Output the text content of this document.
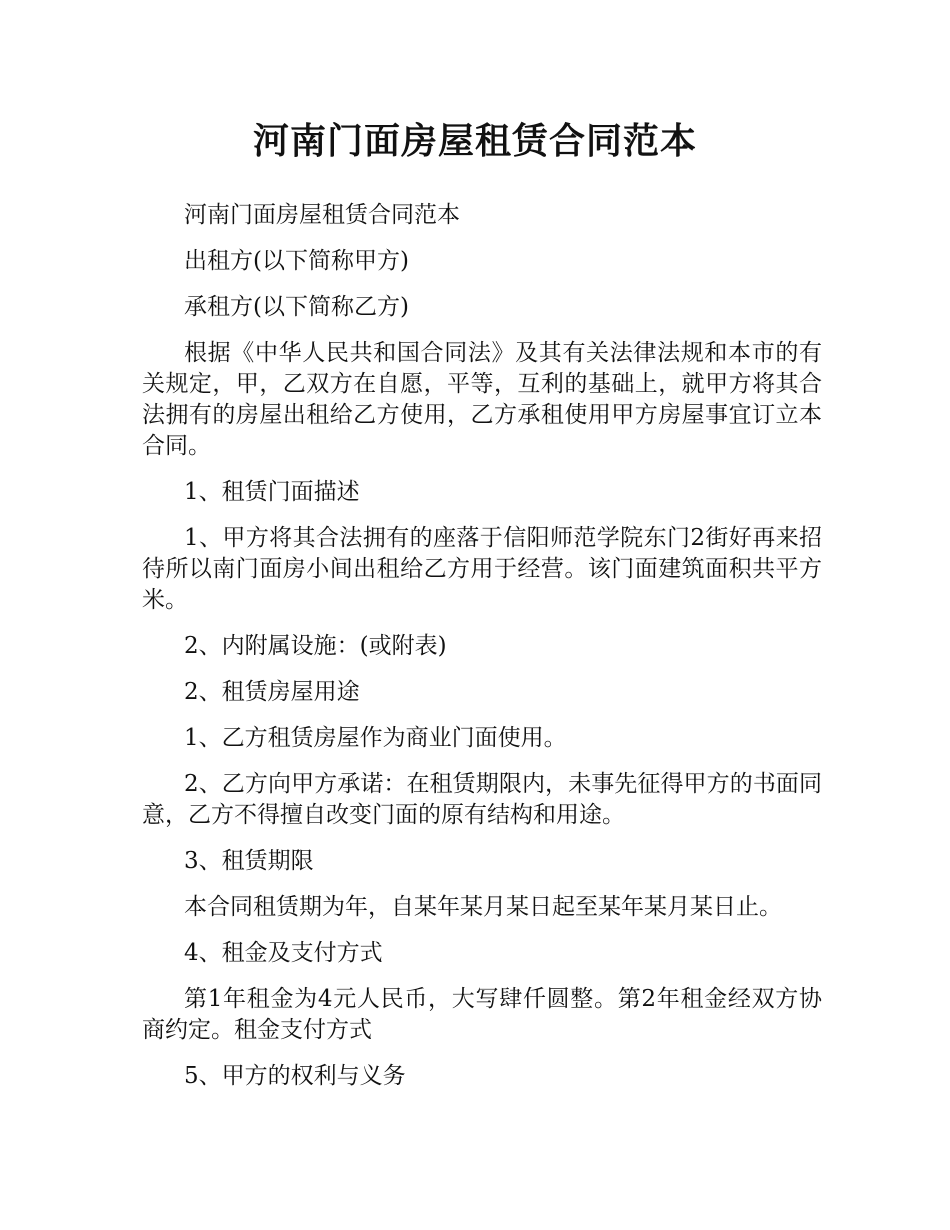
河南门面房屋租赁合同范本

河南门面房屋租赁合同范本

出租方(以下简称甲方)

承租方(以下简称乙方)

根据《中华人民共和国合同法》及其有关法律法规和本市的有关规定，甲，乙双方在自愿，平等，互利的基础上，就甲方将其合法拥有的房屋出租给乙方使用，乙方承租使用甲方房屋事宜订立本合同。

1、租赁门面描述

1、甲方将其合法拥有的座落于信阳师范学院东门2街好再来招待所以南门面房小间出租给乙方用于经营。该门面建筑面积共平方米。

2、内附属设施：(或附表)

2、租赁房屋用途

1、乙方租赁房屋作为商业门面使用。

2、乙方向甲方承诺：在租赁期限内，未事先征得甲方的书面同意，乙方不得擅自改变门面的原有结构和用途。

3、租赁期限

本合同租赁期为年，自某年某月某日起至某年某月某日止。

4、租金及支付方式

第1年租金为4元人民币，大写肆仟圆整。第2年租金经双方协商约定。租金支付方式

5、甲方的权利与义务
